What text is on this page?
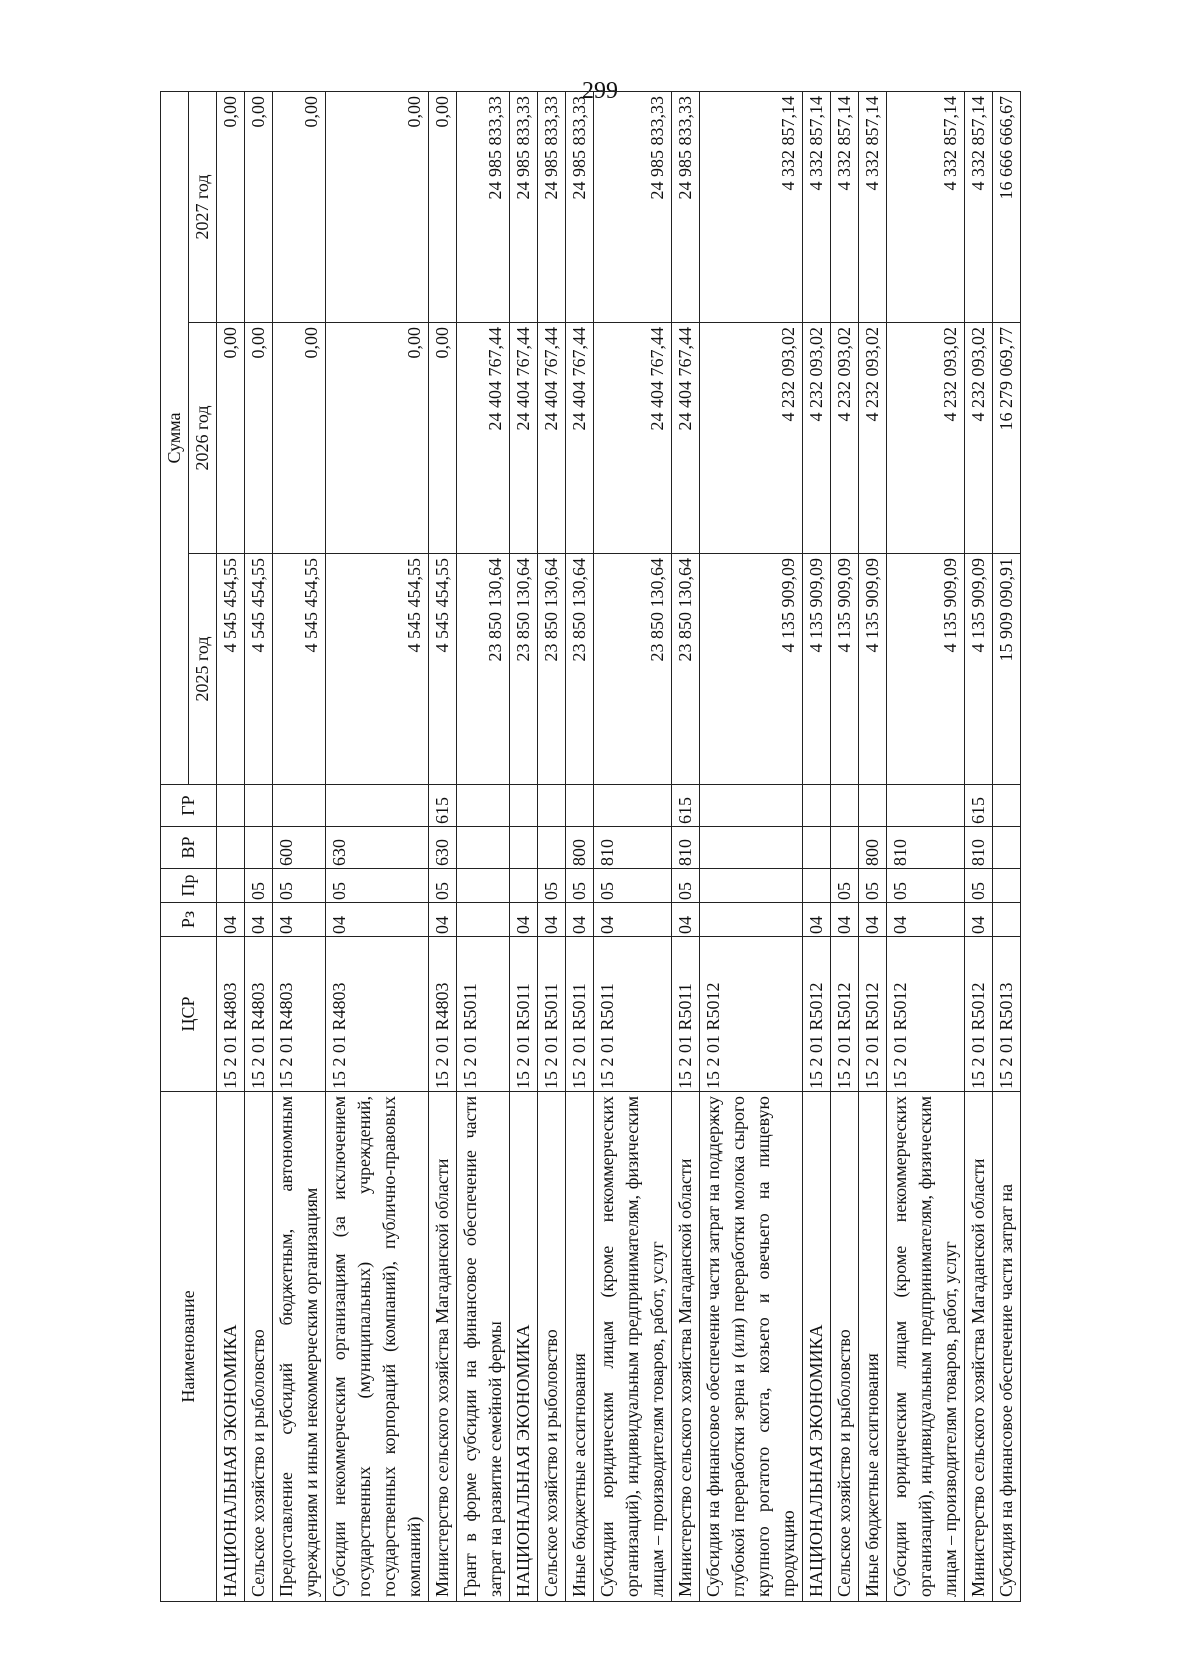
299
Наименование	ЦСР	Рз	Пр	ВР	ГР	Сумма		
						2025 год	2026 год	2027 год
НАЦИОНАЛЬНАЯ ЭКОНОМИКА	15 2 01 R4803	04				4 545 454,55	0,00	0,00
Сельское хозяйство и рыболовство	15 2 01 R4803	04	05			4 545 454,55	0,00	0,00
Предоставление субсидий бюджетным, автономным учреждениям и иным некоммерческим организациям	15 2 01 R4803	04	05	600		4 545 454,55	0,00	0,00
Субсидии некоммерческим организациям (за исключением государственных (муниципальных) учреждений, государственных корпораций (компаний), публично-правовых компаний)	15 2 01 R4803	04	05	630		4 545 454,55	0,00	0,00
Министерство сельского хозяйства Магаданской области	15 2 01 R4803	04	05	630	615	4 545 454,55	0,00	0,00
Грант в форме субсидии на финансовое обеспечение части затрат на развитие семейной фермы	15 2 01 R5011					23 850 130,64	24 404 767,44	24 985 833,33
НАЦИОНАЛЬНАЯ ЭКОНОМИКА	15 2 01 R5011	04				23 850 130,64	24 404 767,44	24 985 833,33
Сельское хозяйство и рыболовство	15 2 01 R5011	04	05			23 850 130,64	24 404 767,44	24 985 833,33
Иные бюджетные ассигнования	15 2 01 R5011	04	05	800		23 850 130,64	24 404 767,44	24 985 833,33
Субсидии юридическим лицам (кроме некоммерческих организаций), индивидуальным предпринимателям, физическим лицам – производителям товаров, работ, услуг	15 2 01 R5011	04	05	810		23 850 130,64	24 404 767,44	24 985 833,33
Министерство сельского хозяйства Магаданской области	15 2 01 R5011	04	05	810	615	23 850 130,64	24 404 767,44	24 985 833,33
Субсидия на финансовое обеспечение части затрат на поддержку глубокой переработки зерна и (или) переработки молока сырого крупного рогатого скота, козьего и овечьего на пищевую продукцию	15 2 01 R5012					4 135 909,09	4 232 093,02	4 332 857,14
НАЦИОНАЛЬНАЯ ЭКОНОМИКА	15 2 01 R5012	04				4 135 909,09	4 232 093,02	4 332 857,14
Сельское хозяйство и рыболовство	15 2 01 R5012	04	05			4 135 909,09	4 232 093,02	4 332 857,14
Иные бюджетные ассигнования	15 2 01 R5012	04	05	800		4 135 909,09	4 232 093,02	4 332 857,14
Субсидии юридическим лицам (кроме некоммерческих организаций), индивидуальным предпринимателям, физическим лицам – производителям товаров, работ, услуг	15 2 01 R5012	04	05	810		4 135 909,09	4 232 093,02	4 332 857,14
Министерство сельского хозяйства Магаданской области	15 2 01 R5012	04	05	810	615	4 135 909,09	4 232 093,02	4 332 857,14
Субсидия на финансовое обеспечение части затрат на	15 2 01 R5013					15 909 090,91	16 279 069,77	16 666 666,67
